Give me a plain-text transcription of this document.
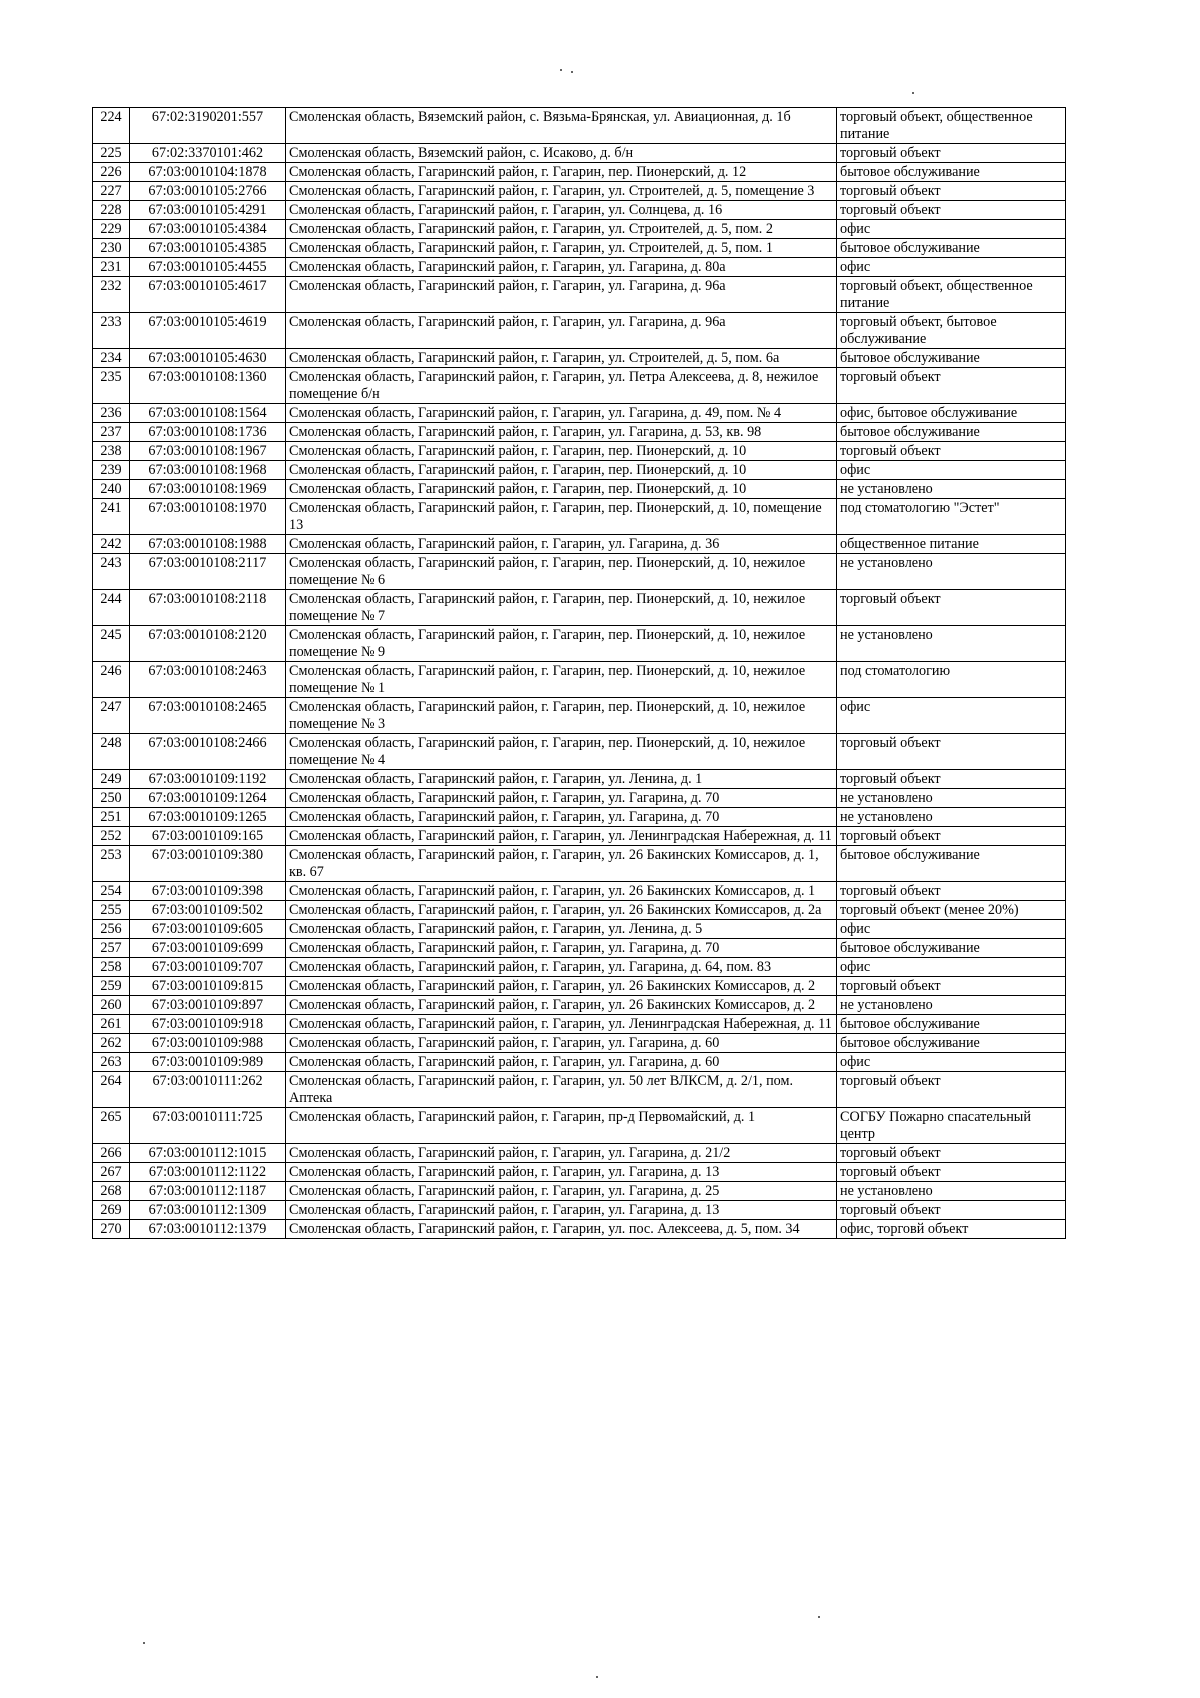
224	67:02:3190201:557	Смоленская область, Вяземский район, с. Вязьма-Брянская, ул. Авиационная, д. 1б	торговый объект, общественное питание
225	67:02:3370101:462	Смоленская область, Вяземский район, с. Исаково, д. б/н	торговый объект
226	67:03:0010104:1878	Смоленская область, Гагаринский район, г. Гагарин, пер. Пионерский, д. 12	бытовое обслуживание
227	67:03:0010105:2766	Смоленская область, Гагаринский район, г. Гагарин, ул. Строителей, д. 5, помещение 3	торговый объект
228	67:03:0010105:4291	Смоленская область, Гагаринский район, г. Гагарин, ул. Солнцева, д. 16	торговый объект
229	67:03:0010105:4384	Смоленская область, Гагаринский район, г. Гагарин, ул. Строителей, д. 5, пом. 2	офис
230	67:03:0010105:4385	Смоленская область, Гагаринский район, г. Гагарин, ул. Строителей, д. 5, пом. 1	бытовое обслуживание
231	67:03:0010105:4455	Смоленская область, Гагаринский район, г. Гагарин, ул. Гагарина, д. 80а	офис
232	67:03:0010105:4617	Смоленская область, Гагаринский район, г. Гагарин, ул. Гагарина, д. 96а	торговый объект, общественное питание
233	67:03:0010105:4619	Смоленская область, Гагаринский район, г. Гагарин, ул. Гагарина, д. 96а	торговый объект, бытовое обслуживание
234	67:03:0010105:4630	Смоленская область, Гагаринский район, г. Гагарин, ул. Строителей, д. 5, пом. 6а	бытовое обслуживание
235	67:03:0010108:1360	Смоленская область, Гагаринский район, г. Гагарин, ул. Петра Алексеева, д. 8, нежилое помещение б/н	торговый объект
236	67:03:0010108:1564	Смоленская область, Гагаринский район, г. Гагарин, ул. Гагарина, д. 49, пом. № 4	офис, бытовое обслуживание
237	67:03:0010108:1736	Смоленская область, Гагаринский район, г. Гагарин, ул. Гагарина, д. 53, кв. 98	бытовое обслуживание
238	67:03:0010108:1967	Смоленская область, Гагаринский район, г. Гагарин, пер. Пионерский, д. 10	торговый объект
239	67:03:0010108:1968	Смоленская область, Гагаринский район, г. Гагарин, пер. Пионерский, д. 10	офис
240	67:03:0010108:1969	Смоленская область, Гагаринский район, г. Гагарин, пер. Пионерский, д. 10	не установлено
241	67:03:0010108:1970	Смоленская область, Гагаринский район, г. Гагарин, пер. Пионерский, д. 10, помещение 13	под стоматологию "Эстет"
242	67:03:0010108:1988	Смоленская область, Гагаринский район, г. Гагарин, ул. Гагарина, д. 36	общественное питание
243	67:03:0010108:2117	Смоленская область, Гагаринский район, г. Гагарин, пер. Пионерский, д. 10, нежилое помещение № 6	не установлено
244	67:03:0010108:2118	Смоленская область, Гагаринский район, г. Гагарин, пер. Пионерский, д. 10, нежилое помещение № 7	торговый объект
245	67:03:0010108:2120	Смоленская область, Гагаринский район, г. Гагарин, пер. Пионерский, д. 10, нежилое помещение № 9	не установлено
246	67:03:0010108:2463	Смоленская область, Гагаринский район, г. Гагарин, пер. Пионерский, д. 10, нежилое помещение № 1	под стоматологию
247	67:03:0010108:2465	Смоленская область, Гагаринский район, г. Гагарин, пер. Пионерский, д. 10, нежилое помещение № 3	офис
248	67:03:0010108:2466	Смоленская область, Гагаринский район, г. Гагарин, пер. Пионерский, д. 10, нежилое помещение № 4	торговый объект
249	67:03:0010109:1192	Смоленская область, Гагаринский район, г. Гагарин, ул. Ленина, д. 1	торговый объект
250	67:03:0010109:1264	Смоленская область, Гагаринский район, г. Гагарин, ул. Гагарина, д. 70	не установлено
251	67:03:0010109:1265	Смоленская область, Гагаринский район, г. Гагарин, ул. Гагарина, д. 70	не установлено
252	67:03:0010109:165	Смоленская область, Гагаринский район, г. Гагарин, ул. Ленинградская Набережная, д. 11	торговый объект
253	67:03:0010109:380	Смоленская область, Гагаринский район, г. Гагарин, ул. 26 Бакинских Комиссаров, д. 1, кв. 67	бытовое обслуживание
254	67:03:0010109:398	Смоленская область, Гагаринский район, г. Гагарин, ул. 26 Бакинских Комиссаров, д. 1	торговый объект
255	67:03:0010109:502	Смоленская область, Гагаринский район, г. Гагарин, ул. 26 Бакинских Комиссаров, д. 2а	торговый объект (менее 20%)
256	67:03:0010109:605	Смоленская область, Гагаринский район, г. Гагарин, ул. Ленина, д. 5	офис
257	67:03:0010109:699	Смоленская область, Гагаринский район, г. Гагарин, ул. Гагарина, д. 70	бытовое обслуживание
258	67:03:0010109:707	Смоленская область, Гагаринский район, г. Гагарин, ул. Гагарина, д. 64, пом. 83	офис
259	67:03:0010109:815	Смоленская область, Гагаринский район, г. Гагарин, ул. 26 Бакинских Комиссаров, д. 2	торговый объект
260	67:03:0010109:897	Смоленская область, Гагаринский район, г. Гагарин, ул. 26 Бакинских Комиссаров, д. 2	не установлено
261	67:03:0010109:918	Смоленская область, Гагаринский район, г. Гагарин, ул. Ленинградская Набережная, д. 11	бытовое обслуживание
262	67:03:0010109:988	Смоленская область, Гагаринский район, г. Гагарин, ул. Гагарина, д. 60	бытовое обслуживание
263	67:03:0010109:989	Смоленская область, Гагаринский район, г. Гагарин, ул. Гагарина, д. 60	офис
264	67:03:0010111:262	Смоленская область, Гагаринский район, г. Гагарин, ул. 50 лет ВЛКСМ, д. 2/1, пом. Аптека	торговый объект
265	67:03:0010111:725	Смоленская область, Гагаринский район, г. Гагарин, пр-д Первомайский, д. 1	СОГБУ Пожарно спасательный центр
266	67:03:0010112:1015	Смоленская область, Гагаринский район, г. Гагарин, ул. Гагарина, д. 21/2	торговый объект
267	67:03:0010112:1122	Смоленская область, Гагаринский район, г. Гагарин, ул. Гагарина, д. 13	торговый объект
268	67:03:0010112:1187	Смоленская область, Гагаринский район, г. Гагарин, ул. Гагарина, д. 25	не установлено
269	67:03:0010112:1309	Смоленская область, Гагаринский район, г. Гагарин, ул. Гагарина, д. 13	торговый объект
270	67:03:0010112:1379	Смоленская область, Гагаринский район, г. Гагарин, ул. пос. Алексеева, д. 5, пом. 34	офис, торговй объект
